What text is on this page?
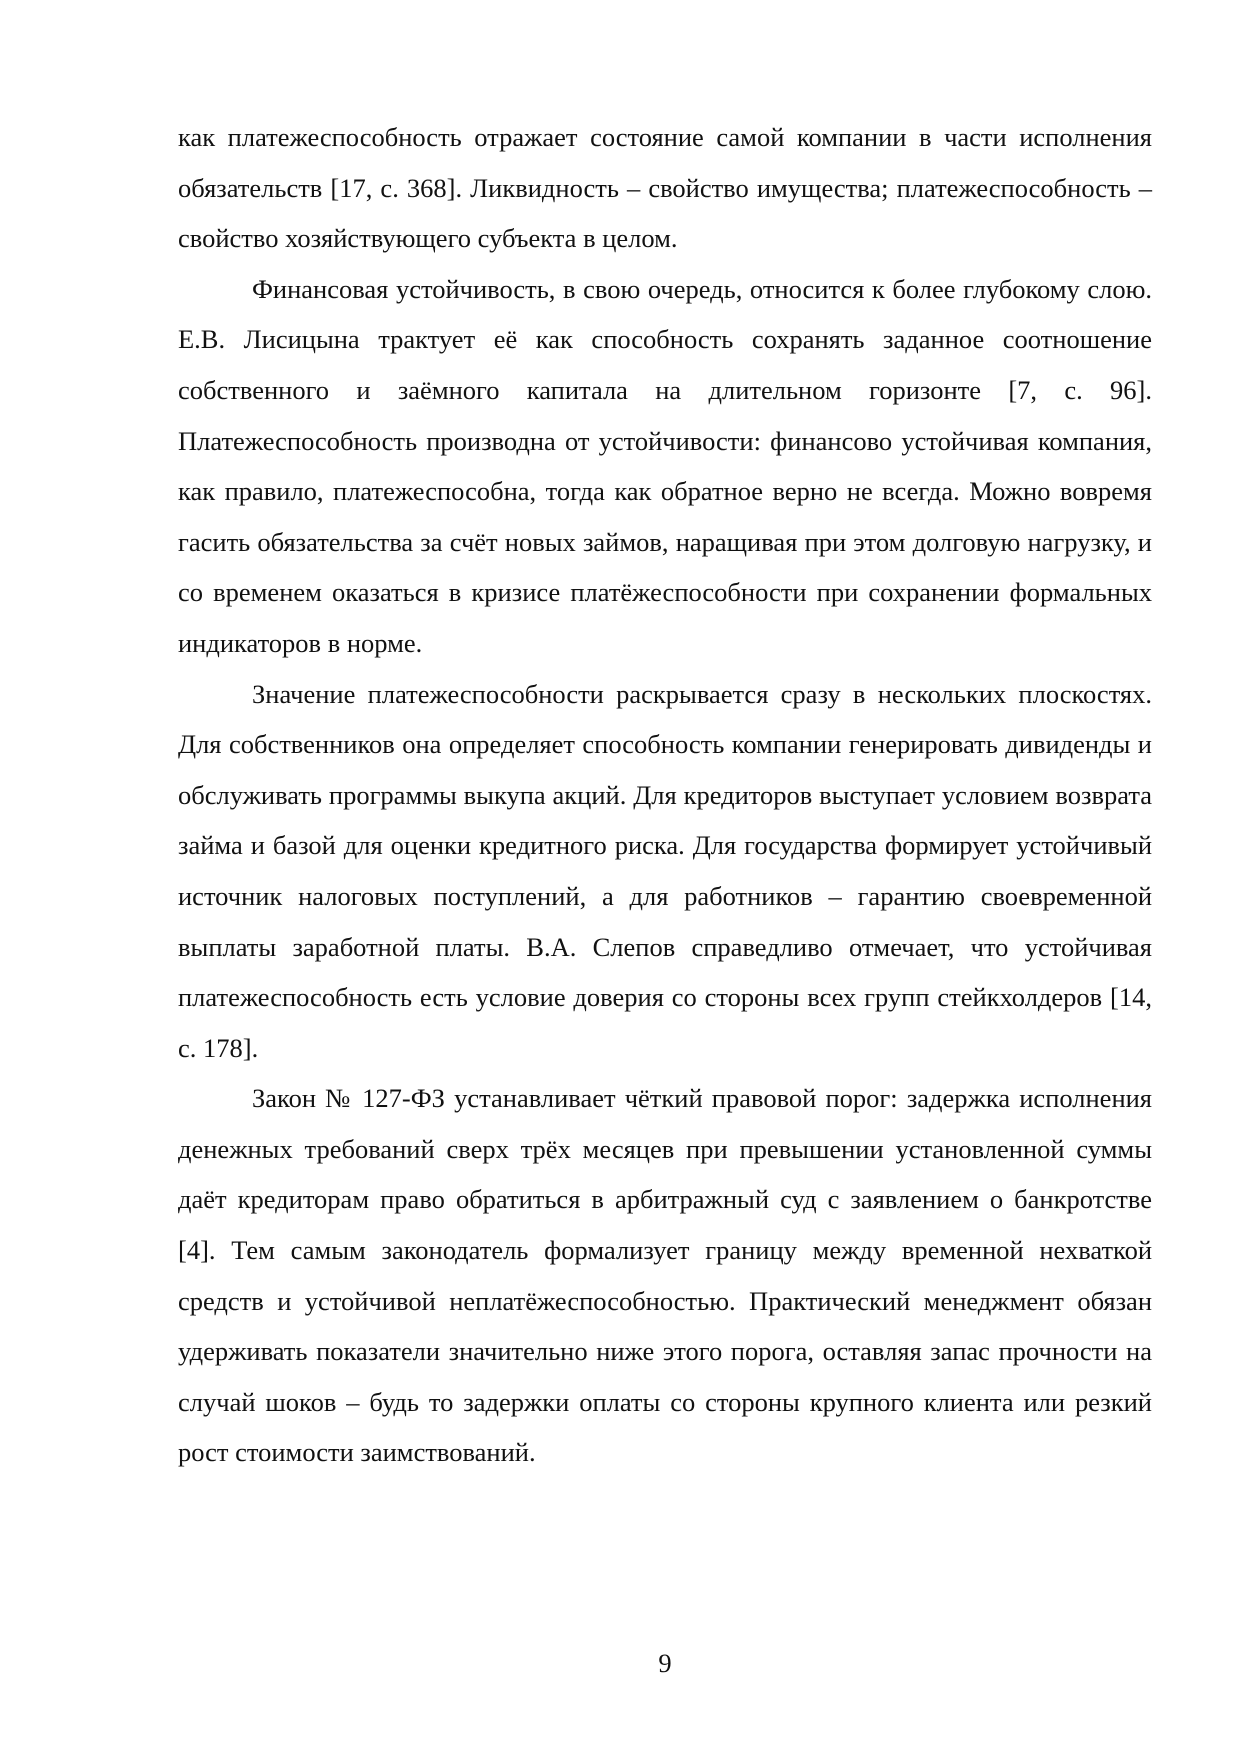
как платежеспособность отражает состояние самой компании в части исполнения обязательств [17, с. 368]. Ликвидность – свойство имущества; платежеспособность – свойство хозяйствующего субъекта в целом.

Финансовая устойчивость, в свою очередь, относится к более глубокому слою. Е.В. Лисицына трактует её как способность сохранять заданное соотношение собственного и заёмного капитала на длительном горизонте [7, с. 96]. Платежеспособность производна от устойчивости: финансово устойчивая компания, как правило, платежеспособна, тогда как обратное верно не всегда. Можно вовремя гасить обязательства за счёт новых займов, наращивая при этом долговую нагрузку, и со временем оказаться в кризисе платёжеспособности при сохранении формальных индикаторов в норме.

Значение платежеспособности раскрывается сразу в нескольких плоскостях. Для собственников она определяет способность компании генерировать дивиденды и обслуживать программы выкупа акций. Для кредиторов выступает условием возврата займа и базой для оценки кредитного риска. Для государства формирует устойчивый источник налоговых поступлений, а для работников – гарантию своевременной выплаты заработной платы. В.А. Слепов справедливо отмечает, что устойчивая платежеспособность есть условие доверия со стороны всех групп стейкхолдеров [14, с. 178].

Закон № 127-ФЗ устанавливает чёткий правовой порог: задержка исполнения денежных требований сверх трёх месяцев при превышении установленной суммы даёт кредиторам право обратиться в арбитражный суд с заявлением о банкротстве [4]. Тем самым законодатель формализует границу между временной нехваткой средств и устойчивой неплатёжеспособностью. Практический менеджмент обязан удерживать показатели значительно ниже этого порога, оставляя запас прочности на случай шоков – будь то задержки оплаты со стороны крупного клиента или резкий рост стоимости заимствований.

9
